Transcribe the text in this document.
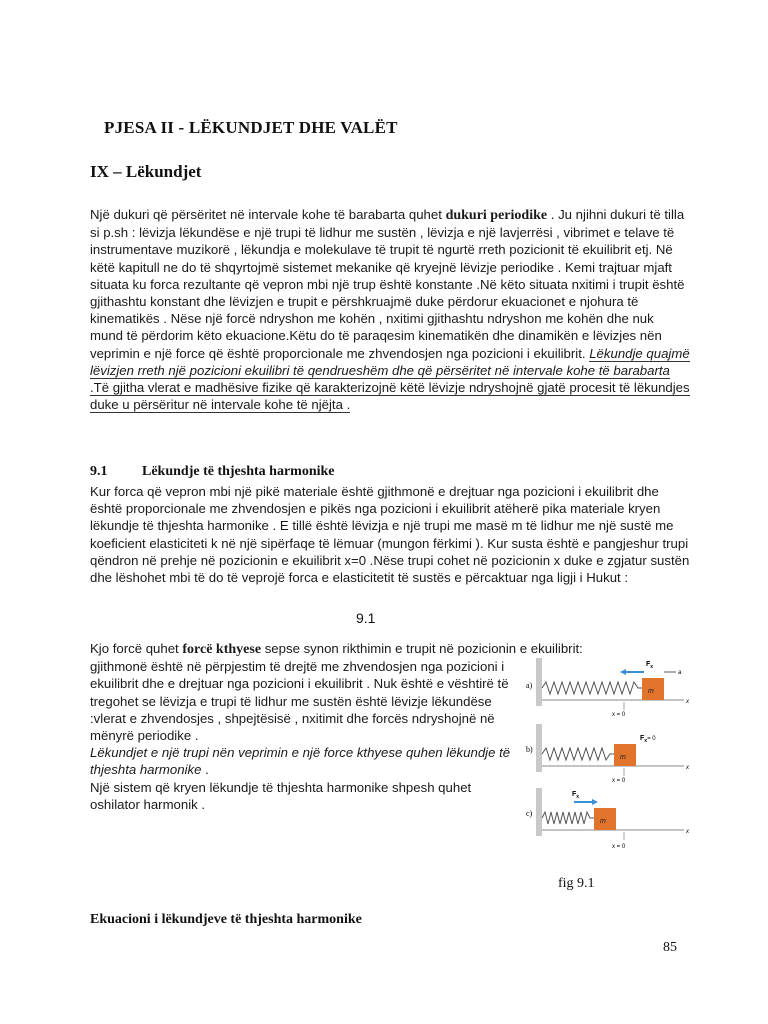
PJESA II - LËKUNDJET DHE VALËT
IX – Lëkundjet
Një dukuri që përsëritet në intervale kohe të barabarta quhet dukuri periodike . Ju njihni dukuri të tilla si p.sh : lëvizja lëkundëse e një trupi të lidhur me sustën , lëvizja e një lavjerrësi , vibrimet e telave të instrumentave muzikorë , lëkundja e molekulave të trupit të ngurtë rreth pozicionit të ekuilibrit etj. Në këtë kapitull ne do të shqyrtojmë sistemet mekanike që kryejnë lëvizje periodike . Kemi trajtuar mjaft situata ku forca rezultante që vepron mbi një trup është konstante .Në këto situata nxitimi i trupit është gjithashtu konstant dhe lëvizjen e trupit e përshkruajmë duke përdorur ekuacionet e njohura të kinematikës . Nëse një forcë ndryshon me kohën , nxitimi gjithashtu ndryshon me kohën dhe nuk mund të përdorim këto ekuacione.Këtu do të paraqesim kinematikën dhe dinamikën e lëvizjes nën veprimin e një force që është proporcionale me zhvendosjen nga pozicioni i ekuilibrit. Lëkundje quajmë lëvizjen rreth një pozicioni ekuilibri të qendrueshëm dhe që përsëritet në intervale kohe të barabarta .Të gjitha vlerat e madhësive fizike që karakterizojnë këtë lëvizje ndryshojnë gjatë procesit të lëkundjes duke u përsëritur në intervale kohe të njëjta .
9.1 Lëkundje të thjeshta harmonike
Kur forca që vepron mbi një pikë materiale është gjithmonë e drejtuar nga pozicioni i ekuilibrit dhe është proporcionale me zhvendosjen e pikës nga pozicioni i ekuilibrit atëherë pika materiale kryen lëkundje të thjeshta harmonike . E tillë është lëvizja e një trupi me masë m të lidhur me një sustë me koeficient elasticiteti k në një sipërfaqe të lëmuar (mungon fërkimi ). Kur susta është e pangjeshur trupi qëndron në prehje në pozicionin e ekuilibrit x=0 .Nëse trupi cohet në pozicionin x duke e zgjatur sustën dhe lëshohet mbi të do të veprojë forca e elasticitetit të sustës e përcaktuar nga ligji i Hukut :
9.1
Kjo forcë quhet forcë kthyese sepse synon rikthimin e trupit në pozicionin e ekuilibrit:
gjithmonë është në përpjestim të drejtë me zhvendosjen nga pozicioni i ekuilibrit dhe e drejtuar nga pozicioni i ekuilibrit . Nuk është e vështirë të tregohet se lëvizja e trupi të lidhur me sustën është lëvizje lëkundëse :vlerat e zhvendosjes , shpejtësisë , nxitimit dhe forcës ndryshojnë në mënyrë periodike .
Lëkundjet e një trupi nën veprimin e një force kthyese quhen lëkundje të thjeshta harmonike .
Një sistem që kryen lëkundje të thjeshta harmonike shpesh quhet oshilator harmonik .
a)
m
$F_x$
a
x
x = 0
b)
m
$F_x= 0$
x
x = 0
c)
m
$F_x$
x
x = 0
fig 9.1
Ekuacioni i lëkundjeve të thjeshta harmonike
85
